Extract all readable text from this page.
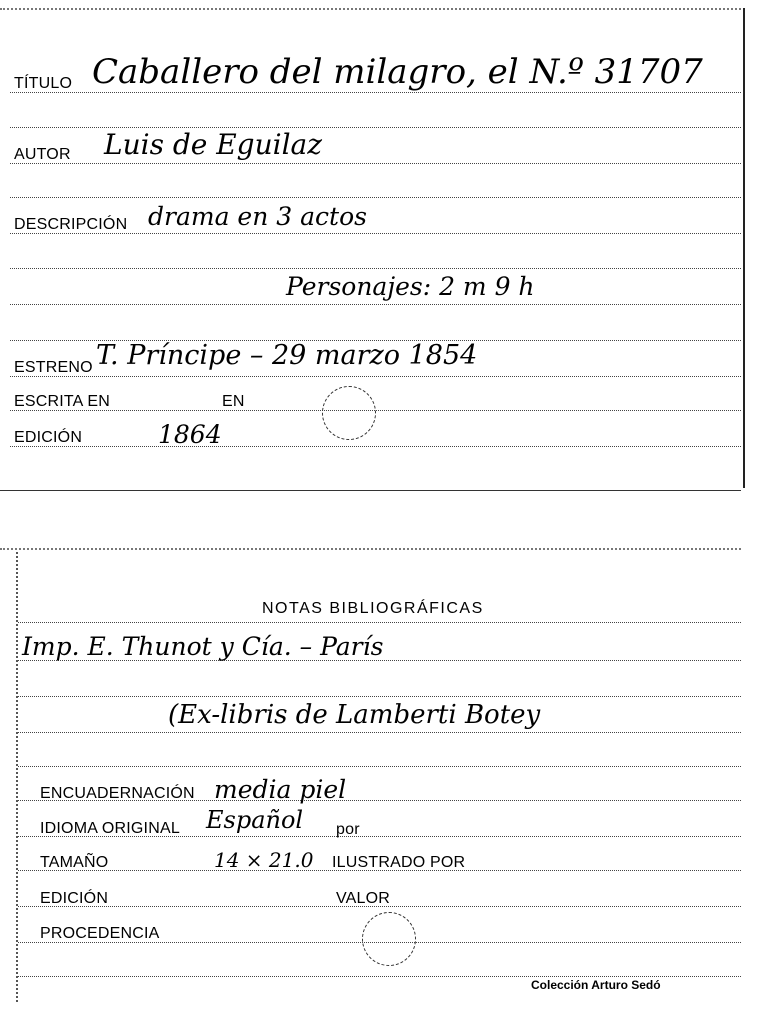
TÍTULO Caballero del milagro, el N.º 31707
AUTOR Luis de Eguilaz
DESCRIPCIÓN drama en 3 actos
Personajes: 2 m 9 h
ESTRENO T. Príncipe – 29 marzo 1854
ESCRITA EN	EN
EDICIÓN	1864
NOTAS BIBLIOGRÁFICAS
Imp. E. Thunot y Cía. – París
(Ex-libris de Lamberti Botey
ENCUADERNACIÓN media piel
IDIOMA ORIGINAL Español por
TAMAÑO	14 × 21.0 ILUSTRADO POR
EDICIÓN	VALOR
PROCEDENCIA
Colección Arturo Sedó
